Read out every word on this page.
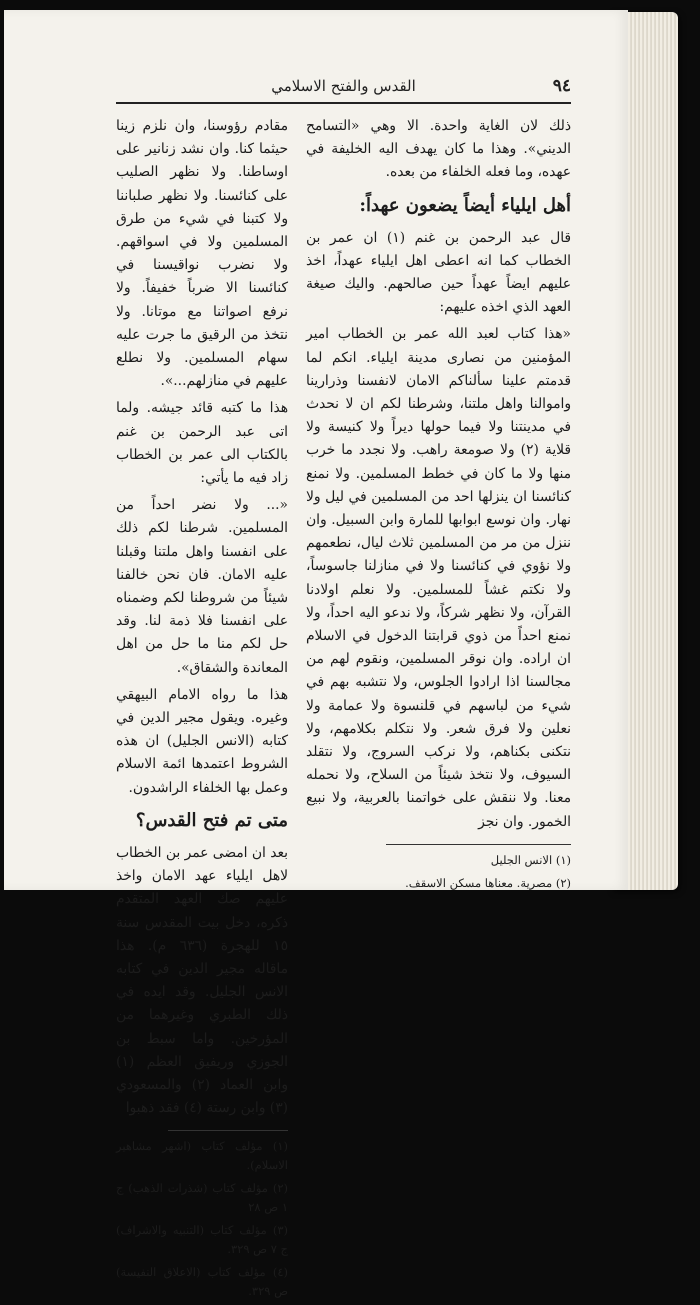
٩٤
القدس والفتح الاسلامي

ذلك لان الغاية واحدة. الا وهي «التسامح الديني». وهذا ما كان يهدف اليه الخليفة في عهده، وما فعله الخلفاء من بعده.

أهل ايلياء أيضاً يضعون عهداً:

قال عبد الرحمن بن غنم (١) ان عمر بن الخطاب كما انه اعطى اهل ايلياء عهداً، اخذ عليهم ايضاً عهداً حين صالحهم. واليك صيغة العهد الذي اخذه عليهم:

«هذا كتاب لعبد الله عمر بن الخطاب امير المؤمنين من نصارى مدينة ايلياء. انكم لما قدمتم علينا سألناكم الامان لانفسنا وذرارينا واموالنا واهل ملتنا، وشرطنا لكم ان لا نحدث في مدينتنا ولا فيما حولها ديراً ولا كنيسة ولا قلاية (٢) ولا صومعة راهب. ولا نجدد ما خرب منها ولا ما كان في خطط المسلمين. ولا نمنع كنائسنا ان ينزلها احد من المسلمين في ليل ولا نهار. وان نوسع ابوابها للمارة وابن السبيل. وان ننزل من مر من المسلمين ثلاث ليال، نطعمهم ولا نؤوي في كنائسنا ولا في منازلنا جاسوساً، ولا نكتم غشاً للمسلمين. ولا نعلم اولادنا القرآن، ولا نظهر شركاً، ولا ندعو اليه احداً، ولا نمنع احداً من ذوي قرابتنا الدخول في الاسلام ان اراده. وان نوقر المسلمين، ونقوم لهم من مجالسنا اذا ارادوا الجلوس، ولا نتشبه بهم في شيء من لباسهم في قلنسوة ولا عمامة ولا نعلين ولا فرق شعر. ولا نتكلم بكلامهم، ولا نتكنى بكناهم، ولا نركب السروج، ولا نتقلد السيوف، ولا نتخذ شيئاً من السلاح، ولا نحمله معنا. ولا ننقش على خواتمنا بالعربية، ولا نبيع الخمور. وان نجز

(١) الانس الجليل

(٢) مصرية. معناها مسكن الاسقف.

مقادم رؤوسنا، وان نلزم زينا حيثما كنا. وان نشد زنانير على اوساطنا. ولا نظهر الصليب على كنائسنا. ولا نظهر صلباننا ولا كتبنا في شيء من طرق المسلمين ولا في اسواقهم. ولا نضرب نواقيسنا في كنائسنا الا ضرباً خفيفاً. ولا نرفع اصواتنا مع موتانا. ولا نتخذ من الرقيق ما جرت عليه سهام المسلمين. ولا نطلع عليهم في منازلهم...».

هذا ما كتبه قائد جيشه. ولما اتى عبد الرحمن بن غنم بالكتاب الى عمر بن الخطاب زاد فيه ما يأتي:

«... ولا نضر احداً من المسلمين. شرطنا لكم ذلك على انفسنا واهل ملتنا وقبلنا عليه الامان. فان نحن خالفنا شيئاً من شروطنا لكم وضمناه على انفسنا فلا ذمة لنا. وقد حل لكم منا ما حل من اهل المعاندة والشقاق».

هذا ما رواه الامام البيهقي وغيره. ويقول مجير الدين في كتابه (الانس الجليل) ان هذه الشروط اعتمدها ائمة الاسلام وعمل بها الخلفاء الراشدون.

متى تم فتح القدس؟

بعد ان امضى عمر بن الخطاب لاهل ايلياء عهد الامان واخذ عليهم صك العهد المتقدم ذكره، دخل بيت المقدس سنة ١٥ للهجرة (٦٣٦ م). هذا ماقاله مجير الدين في كتابه الانس الجليل. وقد ايده في ذلك الطبري وغيرهما من المؤرخين. واما سبط بن الجوزي وريفيق العظم (١) وابن العماد (٢) والمسعودي (٣) وابن رستة (٤) فقد ذهبوا

(١) مؤلف كتاب (اشهر مشاهير الاسلام).

(٢) مؤلف كتاب (شذرات الذهب) ج ١ ص ٢٨

(٣) مؤلف كتاب (التنبيه والاشراف) ج ٧ ص ٣٢٩.

(٤) مؤلف كتاب (الاعلاق النفيسة) ص ٣٢٩.
